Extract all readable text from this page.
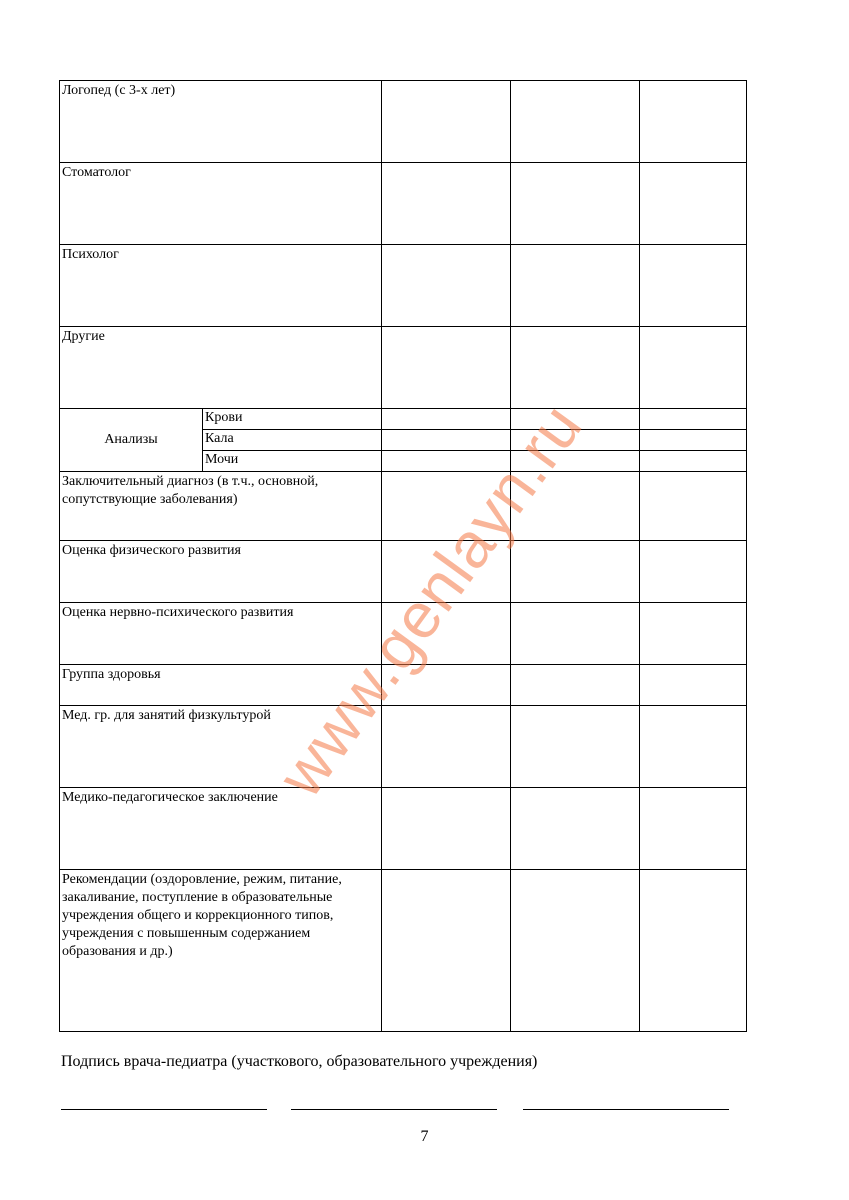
Логопед (с 3-х лет)				
Стоматолог				
Психолог				
Другие				
Анализы	Крови			
	Кала			
	Мочи			
Заключительный диагноз (в т.ч., основной, сопутствующие заболевания)				
Оценка физического развития				
Оценка нервно-психического развития				
Группа здоровья				
Мед. гр. для занятий физкультурой				
Медико-педагогическое заключение				
Рекомендации (оздоровление, режим, питание, закаливание, поступление в образовательные учреждения общего и коррекционного типов, учреждения с повышенным содержанием образования и др.)				
www.genlayn.ru
Подпись врача-педиатра (участкового, образовательного учреждения)
7
